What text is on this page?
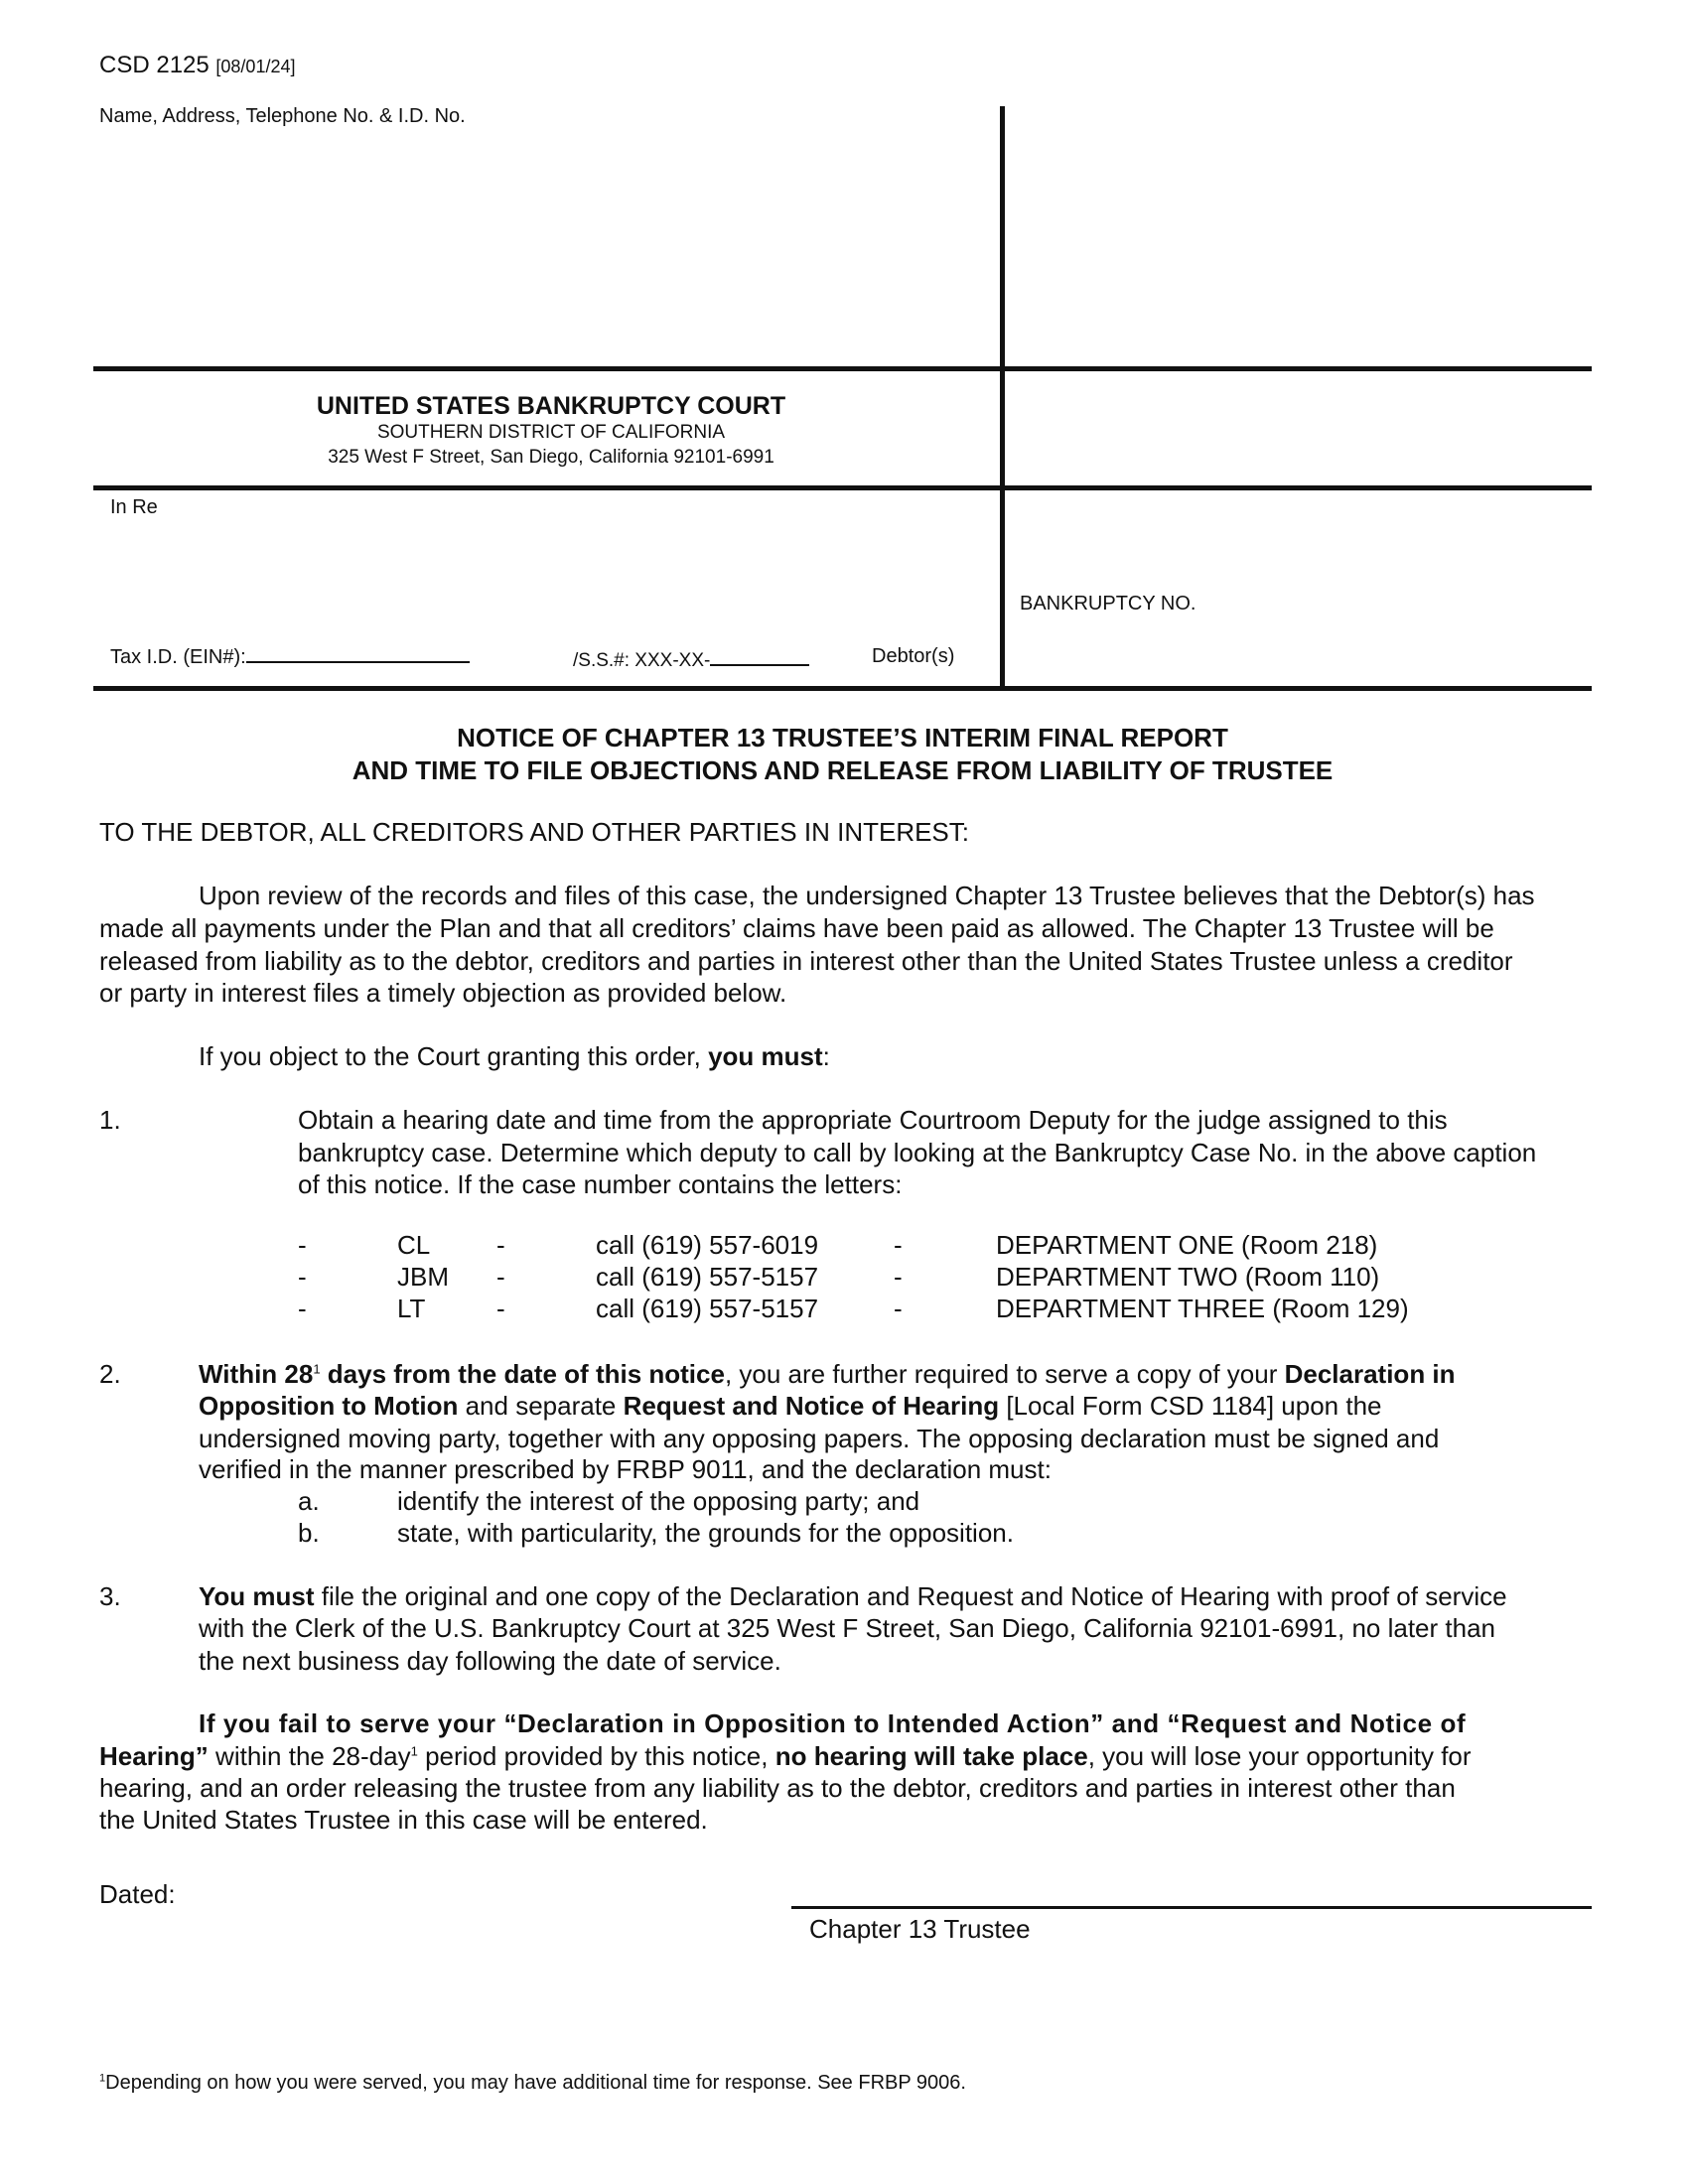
CSD 2125 [08/01/24]
Name, Address, Telephone No. & I.D. No.
UNITED STATES BANKRUPTCY COURT
SOUTHERN DISTRICT OF CALIFORNIA
325 West F Street, San Diego, California 92101-6991
In Re
Tax I.D. (EIN#):	/S.S.#: XXX-XX-	Debtor(s)
BANKRUPTCY NO.
NOTICE OF CHAPTER 13 TRUSTEE’S INTERIM FINAL REPORT
AND TIME TO FILE OBJECTIONS AND RELEASE FROM LIABILITY OF TRUSTEE
TO THE DEBTOR, ALL CREDITORS AND OTHER PARTIES IN INTEREST:
Upon review of the records and files of this case, the undersigned Chapter 13 Trustee believes that the Debtor(s) has
made all payments under the Plan and that all creditors’ claims have been paid as allowed. The Chapter 13 Trustee will be
released from liability as to the debtor, creditors and parties in interest other than the United States Trustee unless a creditor
or party in interest files a timely objection as provided below.
If you object to the Court granting this order, you must:
1.	Obtain a hearing date and time from the appropriate Courtroom Deputy for the judge assigned to this
bankruptcy case. Determine which deputy to call by looking at the Bankruptcy Case No. in the above caption
of this notice. If the case number contains the letters:
-	CL	-	call (619) 557-6019	-	DEPARTMENT ONE (Room 218)
-	JBM -	call (619) 557-5157	-	DEPARTMENT TWO (Room 110)
-	LT	-	call (619) 557-5157	-	DEPARTMENT THREE (Room 129)
2.	Within $28^1$ days from the date of this notice, you are further required to serve a copy of your Declaration in
Opposition to Motion and separate Request and Notice of Hearing [Local Form CSD 1184] upon the
undersigned moving party, together with any opposing papers. The opposing declaration must be signed and
verified in the manner prescribed by FRBP 9011, and the declaration must:
a.	identify the interest of the opposing party; and
b.	state, with particularity, the grounds for the opposition.
3.	You must file the original and one copy of the Declaration and Request and Notice of Hearing with proof of service
with the Clerk of the U.S. Bankruptcy Court at 325 West F Street, San Diego, California 92101-6991, no later than
the next business day following the date of service.
If you fail to serve your “Declaration in Opposition to Intended Action” and “Request and Notice of
Hearing” within the 28-day$^1$ period provided by this notice, no hearing will take place, you will lose your opportunity for
hearing, and an order releasing the trustee from any liability as to the debtor, creditors and parties in interest other than
the United States Trustee in this case will be entered.
Dated:
Chapter 13 Trustee
$^1$Depending on how you were served, you may have additional time for response. See FRBP 9006.
